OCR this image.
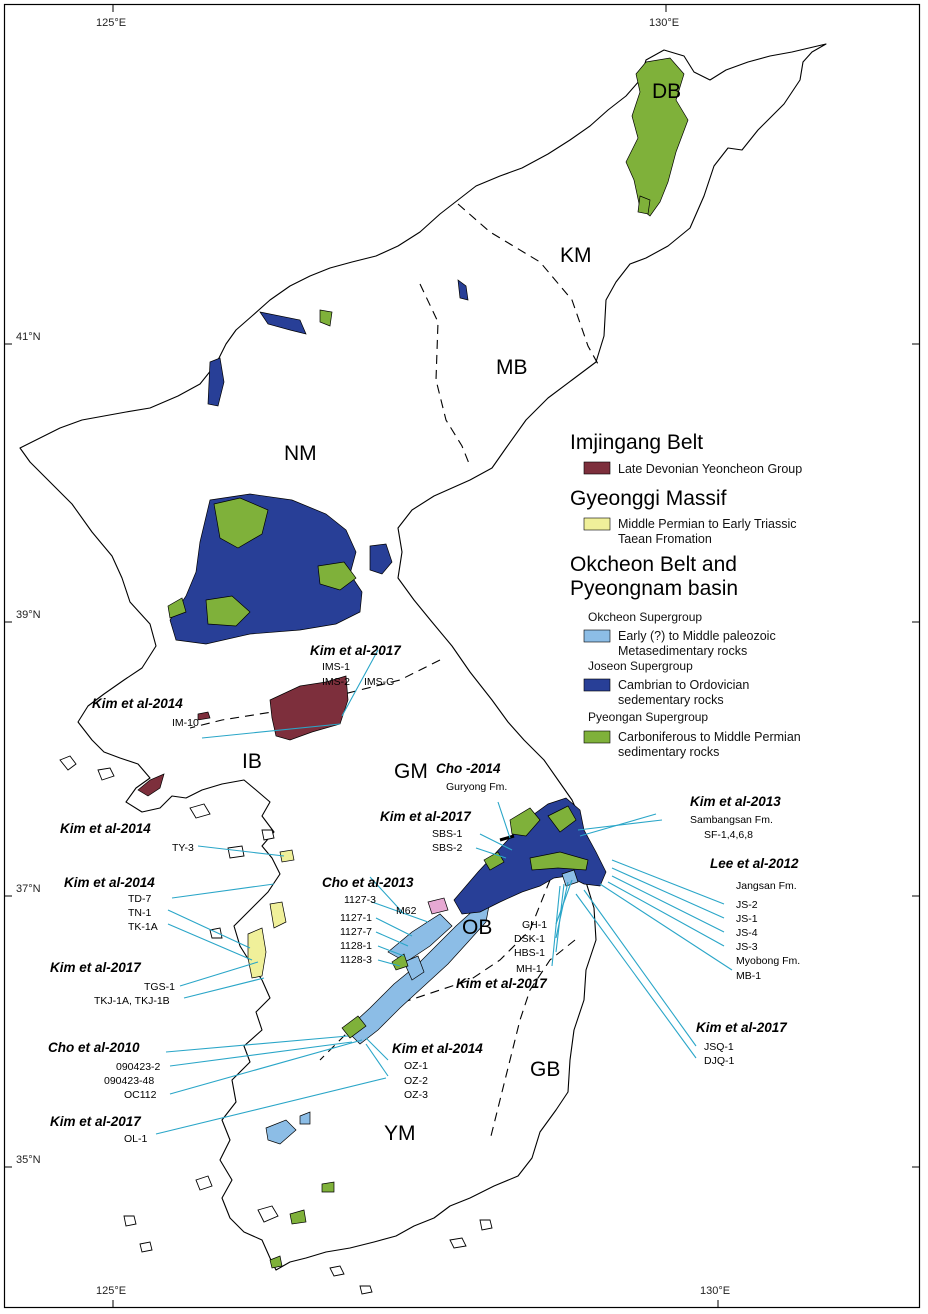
125°E	130°E
125°E	130°E
41°N
39°N
37°N
35°N
DB
KM
MB
NM
IB	GM
OB
GB
YM
Imjingang Belt
Late Devonian Yeoncheon Group
Gyeonggi Massif
Middle Permian to Early Triassic
Taean Fromation
Okcheon Belt and
Pyeongnam basin
Okcheon Supergroup
Early (?) to Middle paleozoic
Metasedimentary rocks
Joseon Supergroup
Cambrian to Ordovician
sedementary rocks
Pyeongan Supergroup
Carboniferous to Middle Permian
sedimentary rocks
Kim et al-2017
IMS-1
IMS-2 IMS-G
Kim et al-2014
IM-10
Cho -2014
Guryong Fm.
Kim et al-2017
SBS-1
SBS-2
Kim et al-2013
Sambangsan Fm.
SF-1,4,6,8
Lee et al-2012
Jangsan Fm.
JS-2
JS-1
JS-4
JS-3
Myobong Fm.
MB-1
Kim et al-2014
TY-3
Kim et al-2014
TD-7
TN-1
TK-1A
Cho et al-2013
1127-3
M62
1127-1
1127-7
1128-1
1128-3
Kim et al-2017
TGS-1
TKJ-1A, TKJ-1B
GH-1
DSK-1
HBS-1
MH-1
Kim et al-2017
Cho et al-2010
090423-2
090423-48
OC112
Kim et al-2014
OZ-1
OZ-2
OZ-3
Kim et al-2017
OL-1
Kim et al-2017
JSQ-1
DJQ-1
